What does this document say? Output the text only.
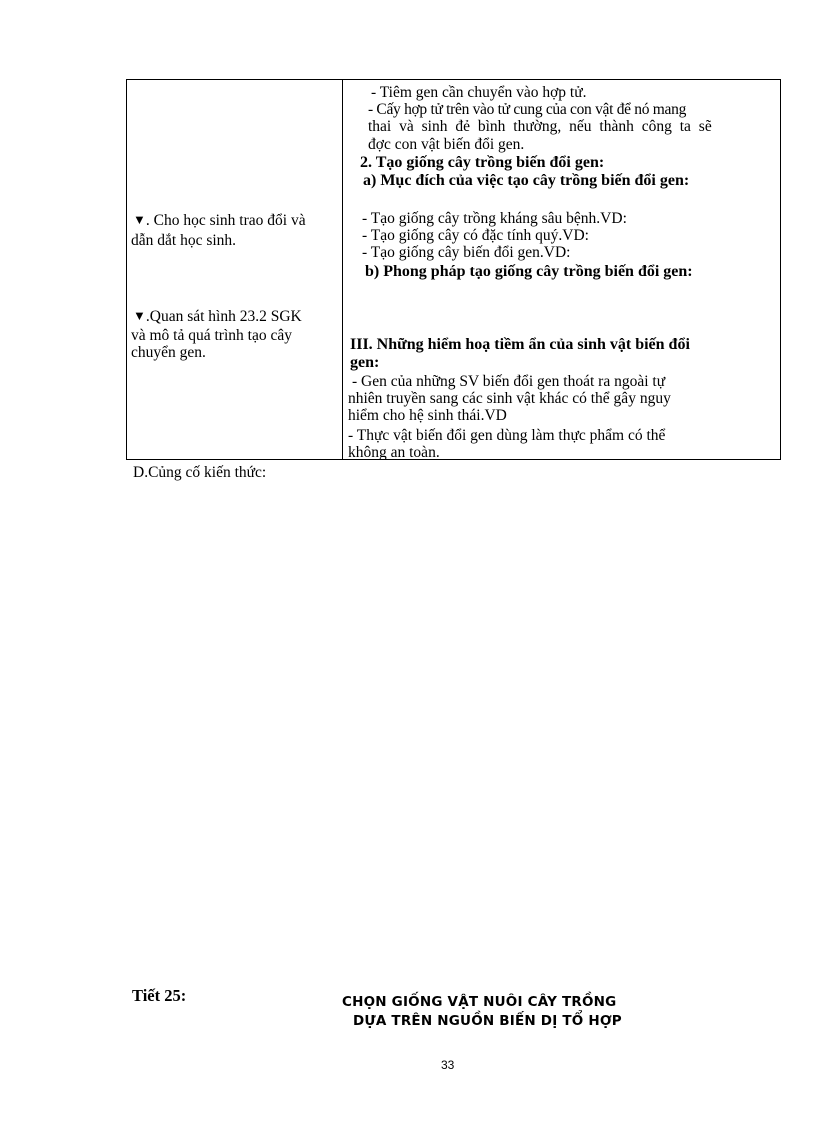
▼. Cho học sinh trao đổi và
dẫn dắt học sinh.
▼.Quan sát hình 23.2 SGK
và mô tả quá trình tạo cây
chuyển gen.
- Tiêm gen cần chuyển vào hợp tử.
- Cấy hợp tử trên vào tử cung của con vật để nó mang
thai và sinh đẻ bình thường, nếu thành công ta sẽ
đợc con vật biến đổi gen.
2. Tạo giống cây trồng biến đổi gen:
a) Mục đích của việc tạo cây trồng biến đổi gen:
- Tạo giống cây trồng kháng sâu bệnh.VD:
- Tạo giống cây có đặc tính quý.VD:
- Tạo giống cây biến đổi gen.VD:
b) Phong pháp tạo giống cây trồng biến đổi gen:
III. Những hiểm hoạ tiềm ẩn của sinh vật biến đổi
gen:
- Gen của những SV biến đổi gen thoát ra ngoài tự
nhiên truyền sang các sinh vật khác có thể gây nguy
hiểm cho hệ sinh thái.VD
- Thực vật biến đổi gen dùng làm thực phẩm có thể
không an toàn.
D.Củng cố kiến thức:
Tiết 25:	CHỌN GIỐNG VẬT NUÔI CÂY TRỒNG
DỰA TRÊN NGUỒN BIẾN DỊ TỔ HỢP
33
